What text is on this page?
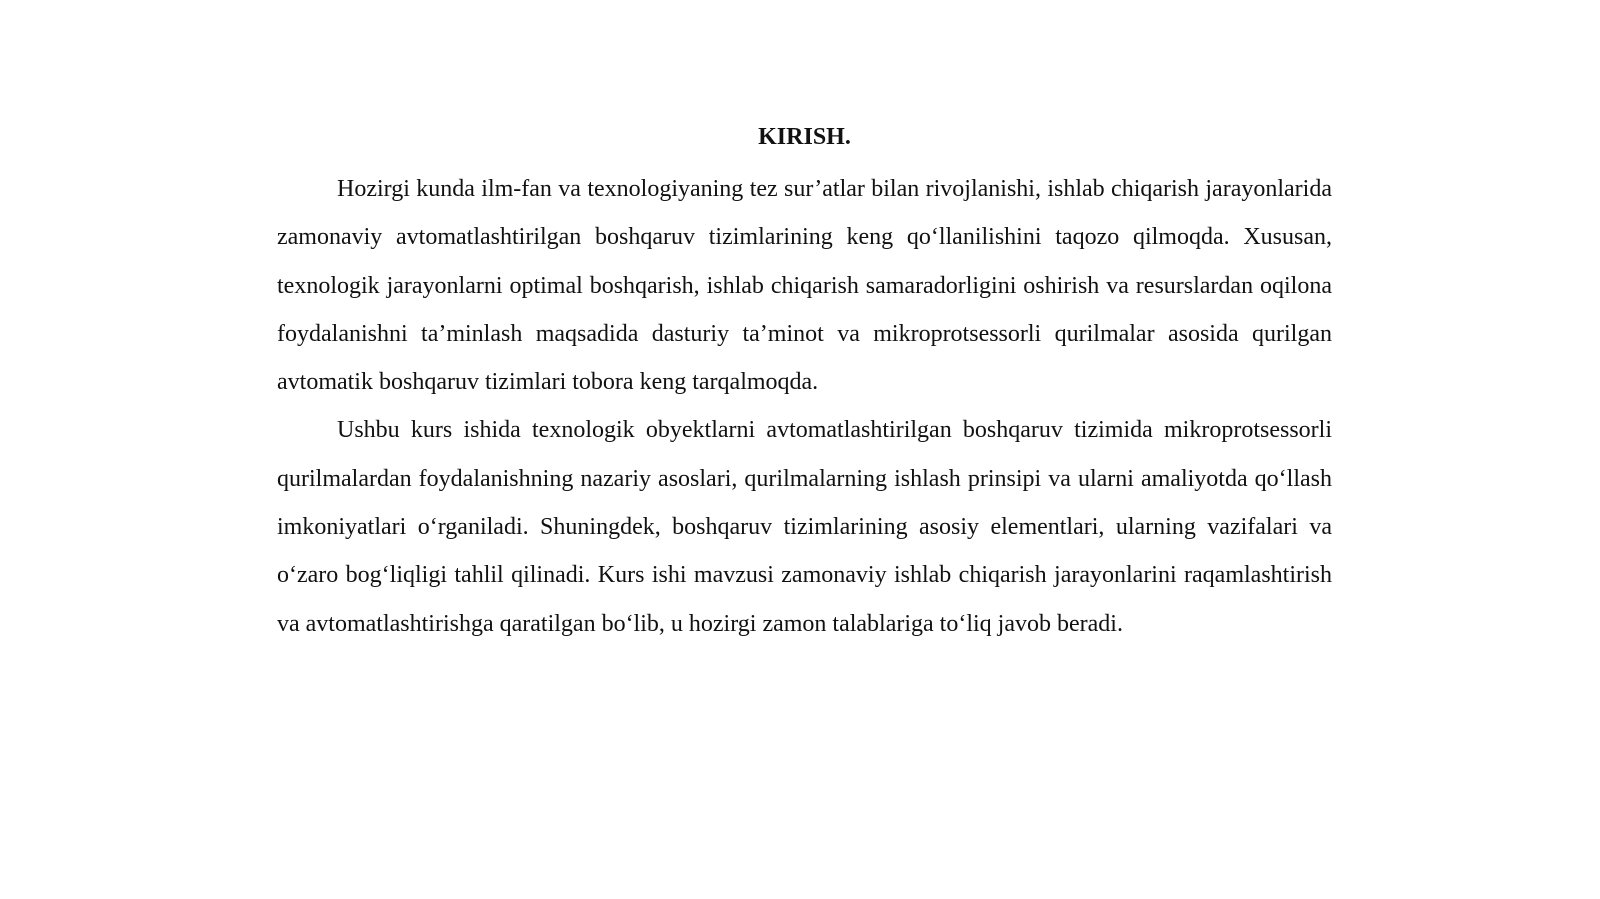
KIRISH.

Hozirgi kunda ilm-fan va texnologiyaning tez sur’atlar bilan rivojlanishi, ishlab chiqarish jarayonlarida zamonaviy avtomatlashtirilgan boshqaruv tizimlarining keng qo‘llanilishini taqozo qilmoqda. Xususan, texnologik jarayonlarni optimal boshqarish, ishlab chiqarish samaradorligini oshirish va resurslardan oqilona foydalanishni ta’minlash maqsadida dasturiy ta’minot va mikroprotsessorli qurilmalar asosida qurilgan avtomatik boshqaruv tizimlari tobora keng tarqalmoqda.

Ushbu kurs ishida texnologik obyektlarni avtomatlashtirilgan boshqaruv tizimida mikroprotsessorli qurilmalardan foydalanishning nazariy asoslari, qurilmalarning ishlash prinsipi va ularni amaliyotda qo‘llash imkoniyatlari o‘rganiladi. Shuningdek, boshqaruv tizimlarining asosiy elementlari, ularning vazifalari va o‘zaro bog‘liqligi tahlil qilinadi. Kurs ishi mavzusi zamonaviy ishlab chiqarish jarayonlarini raqamlashtirish va avtomatlashtirishga qaratilgan bo‘lib, u hozirgi zamon talablariga to‘liq javob beradi.
